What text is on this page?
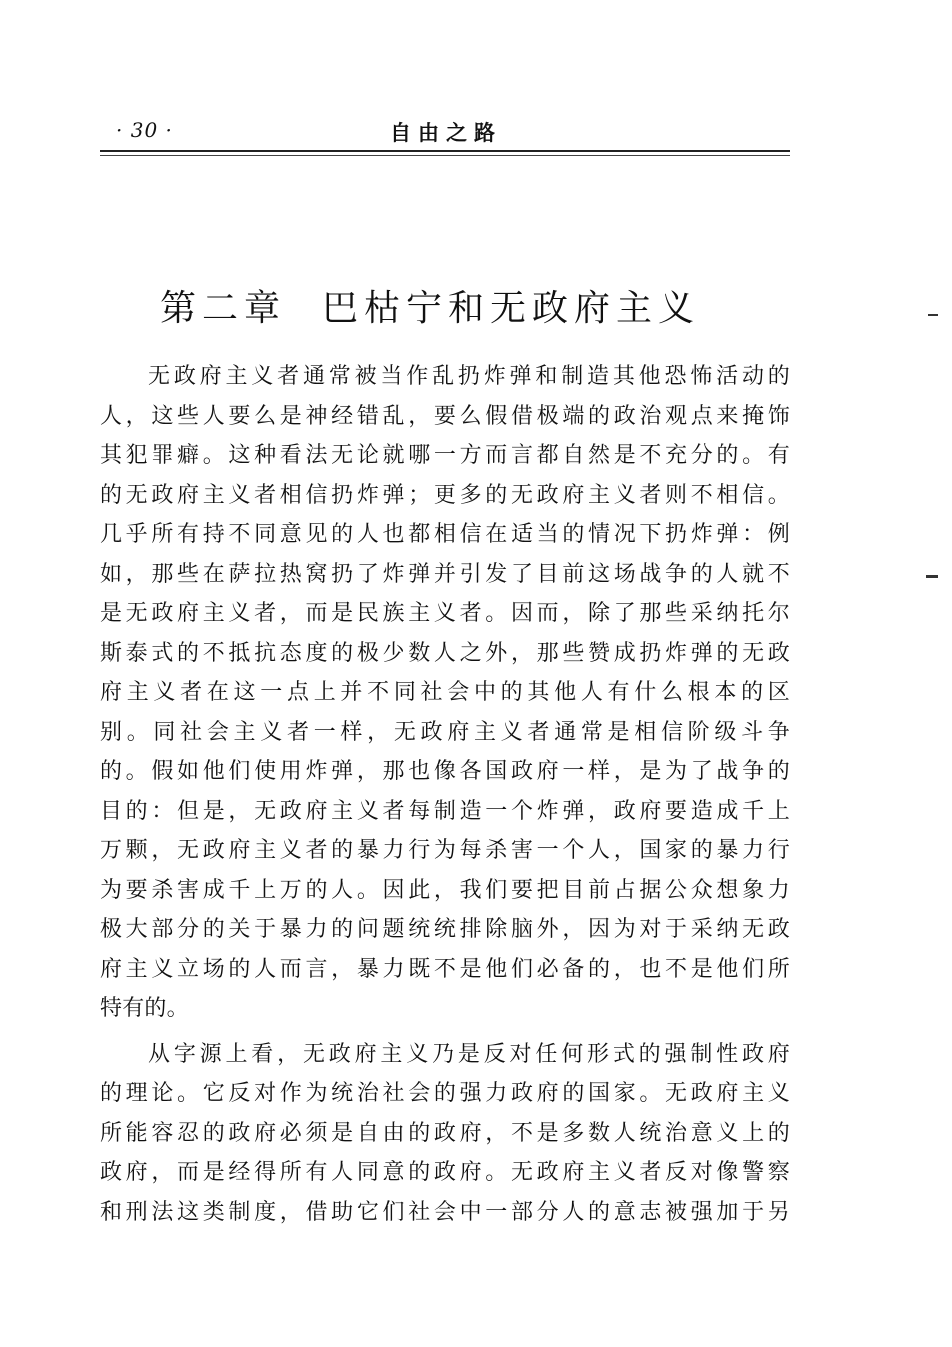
· 30 ·	自由之路
第二章 巴枯宁和无政府主义
无政府主义者通常被当作乱扔炸弹和制造其他恐怖活动的
人，这些人要么是神经错乱，要么假借极端的政治观点来掩饰
其犯罪癖。这种看法无论就哪一方而言都自然是不充分的。有
的无政府主义者相信扔炸弹；更多的无政府主义者则不相信。
几乎所有持不同意见的人也都相信在适当的情况下扔炸弹：例
如，那些在萨拉热窝扔了炸弹并引发了目前这场战争的人就不
是无政府主义者，而是民族主义者。因而，除了那些采纳托尔
斯泰式的不抵抗态度的极少数人之外，那些赞成扔炸弹的无政
府主义者在这一点上并不同社会中的其他人有什么根本的区
别。同社会主义者一样，无政府主义者通常是相信阶级斗争
的。假如他们使用炸弹，那也像各国政府一样，是为了战争的
目的：但是，无政府主义者每制造一个炸弹，政府要造成千上
万颗，无政府主义者的暴力行为每杀害一个人，国家的暴力行
为要杀害成千上万的人。因此，我们要把目前占据公众想象力
极大部分的关于暴力的问题统统排除脑外，因为对于采纳无政
府主义立场的人而言，暴力既不是他们必备的，也不是他们所
特有的。
从字源上看，无政府主义乃是反对任何形式的强制性政府
的理论。它反对作为统治社会的强力政府的国家。无政府主义
所能容忍的政府必须是自由的政府，不是多数人统治意义上的
政府，而是经得所有人同意的政府。无政府主义者反对像警察
和刑法这类制度，借助它们社会中一部分人的意志被强加于另
